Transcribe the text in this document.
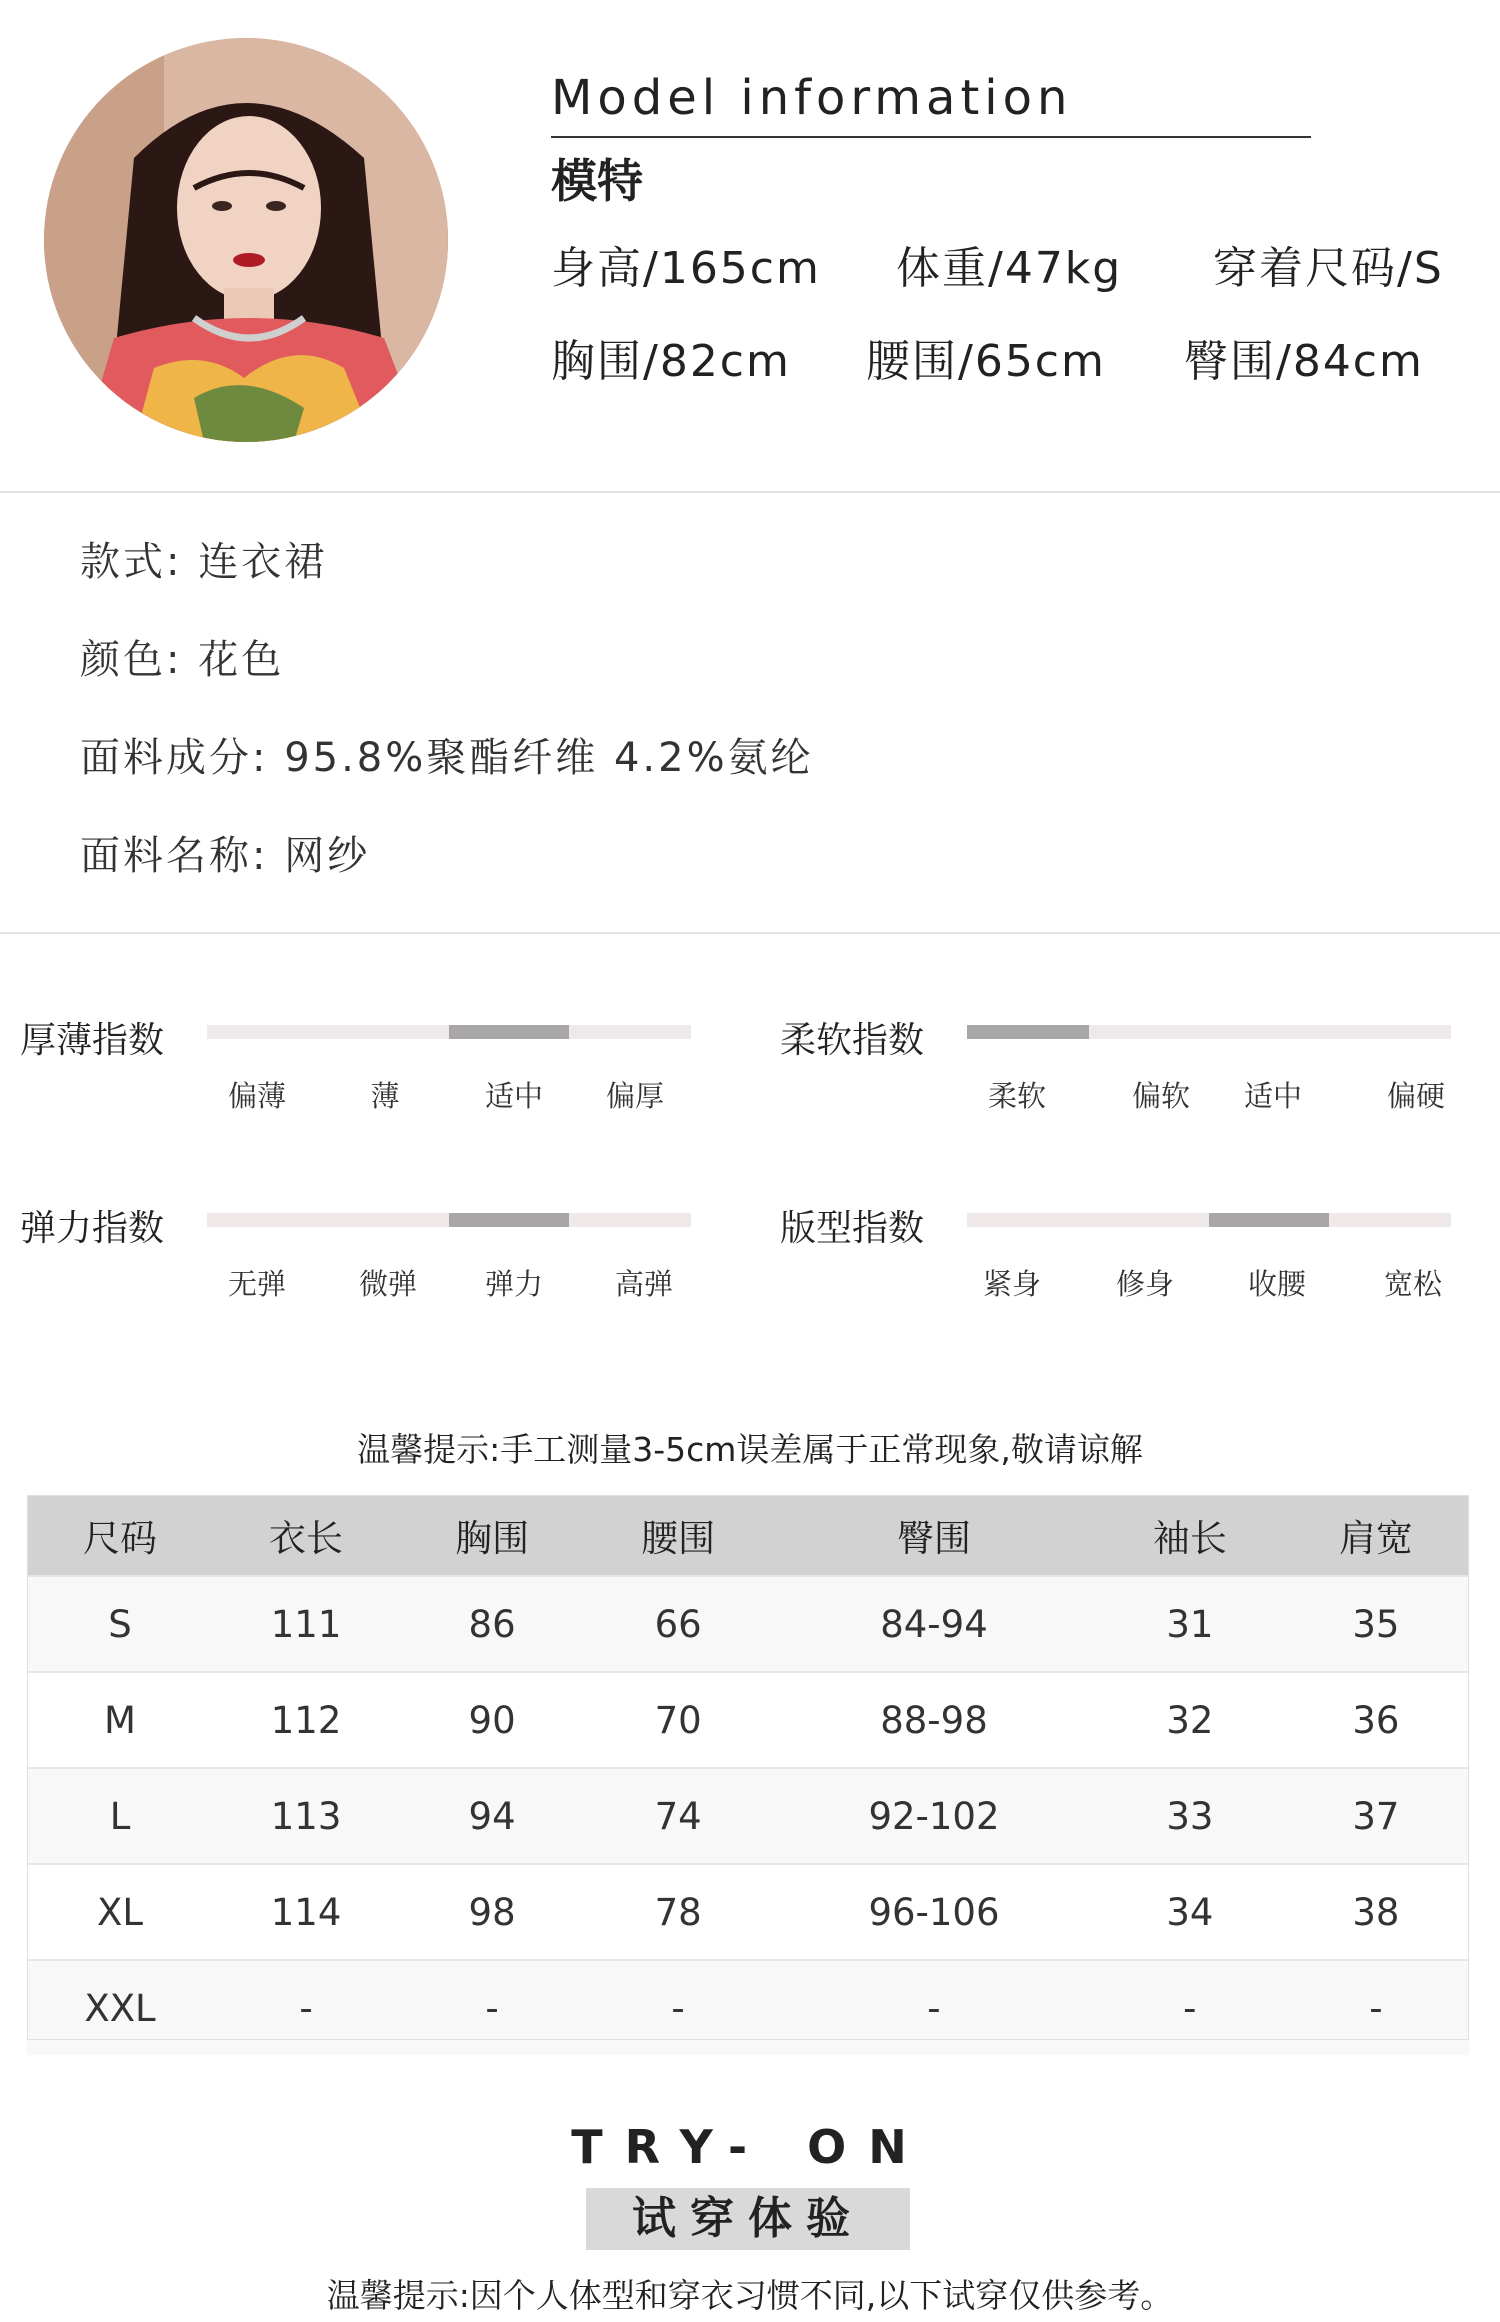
Model information
模特
身高/165cm 体重/47kg 穿着尺码/S
胸围/82cm 腰围/65cm 臀围/84cm
款式: 连衣裙
颜色: 花色
面料成分: 95.8%聚酯纤维 4.2%氨纶
面料名称: 网纱
厚薄指数
偏薄	薄	适中	偏厚
柔软指数
柔软	偏软	适中	偏硬
弹力指数
无弹	微弹	弹力	高弹
版型指数
紧身	修身	收腰	宽松
温馨提示:手工测量3-5cm误差属于正常现象,敬请谅解
尺码	衣长	胸围	腰围	臀围	袖长	肩宽
S	111	86	66	84-94	31	35
M	112	90	70	88-98	32	36
L	113	94	74	92-102	33	37
XL	114	98	78	96-106	34	38
XXL	-	-	-	-	-	-
TRY- ON
试穿体验
温馨提示:因个人体型和穿衣习惯不同,以下试穿仅供参考。
